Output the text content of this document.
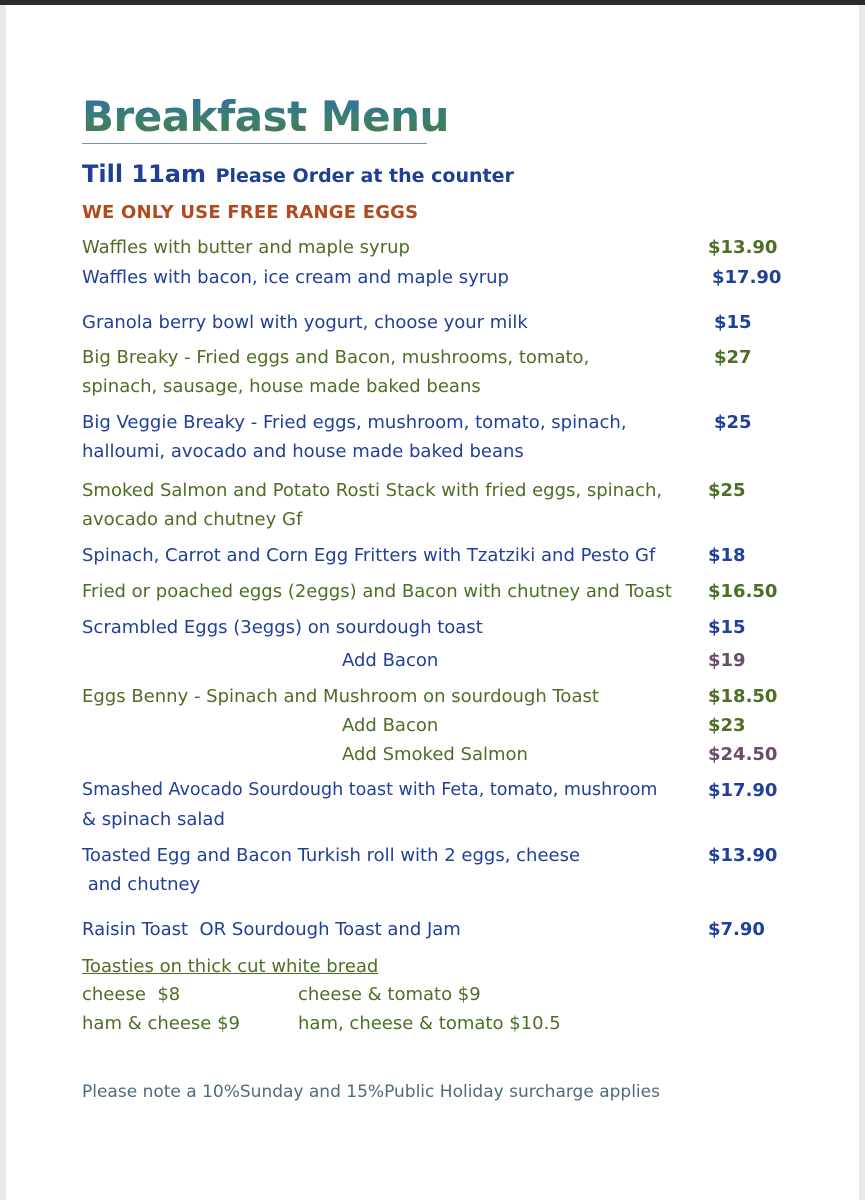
Breakfast Menu
Till 11am Please Order at the counter
WE ONLY USE FREE RANGE EGGS
Waffles with butter and maple syrup	$13.90
Waffles with bacon, ice cream and maple syrup	$17.90
Granola berry bowl with yogurt, choose your milk	$15
Big Breaky - Fried eggs and Bacon, mushrooms, tomato,
spinach, sausage, house made baked beans
$27
Big Veggie Breaky - Fried eggs, mushroom, tomato, spinach,
halloumi, avocado and house made baked beans
$25
Smoked Salmon and Potato Rosti Stack with fried eggs, spinach,
avocado and chutney Gf
$25
Spinach, Carrot and Corn Egg Fritters with Tzatziki and Pesto Gf	$18
Fried or poached eggs (2eggs) and Bacon with chutney and Toast $16.50
Scrambled Eggs (3eggs) on sourdough toast	$15
Add Bacon	$19
Eggs Benny - Spinach and Mushroom on sourdough Toast	$18.50
Add Bacon	$23
Add Smoked Salmon	$24.50
Smashed Avocado Sourdough toast with Feta, tomato, mushroom
& spinach salad
$17.90
Toasted Egg and Bacon Turkish roll with 2 eggs, cheese
and chutney
$13.90
Raisin Toast  OR Sourdough Toast and Jam	$7.90
Toasties on thick cut white bread
cheese  $8	cheese & tomato $9
ham & cheese $9	ham, cheese & tomato $10.5
Please note a 10%Sunday and 15%Public Holiday surcharge applies
